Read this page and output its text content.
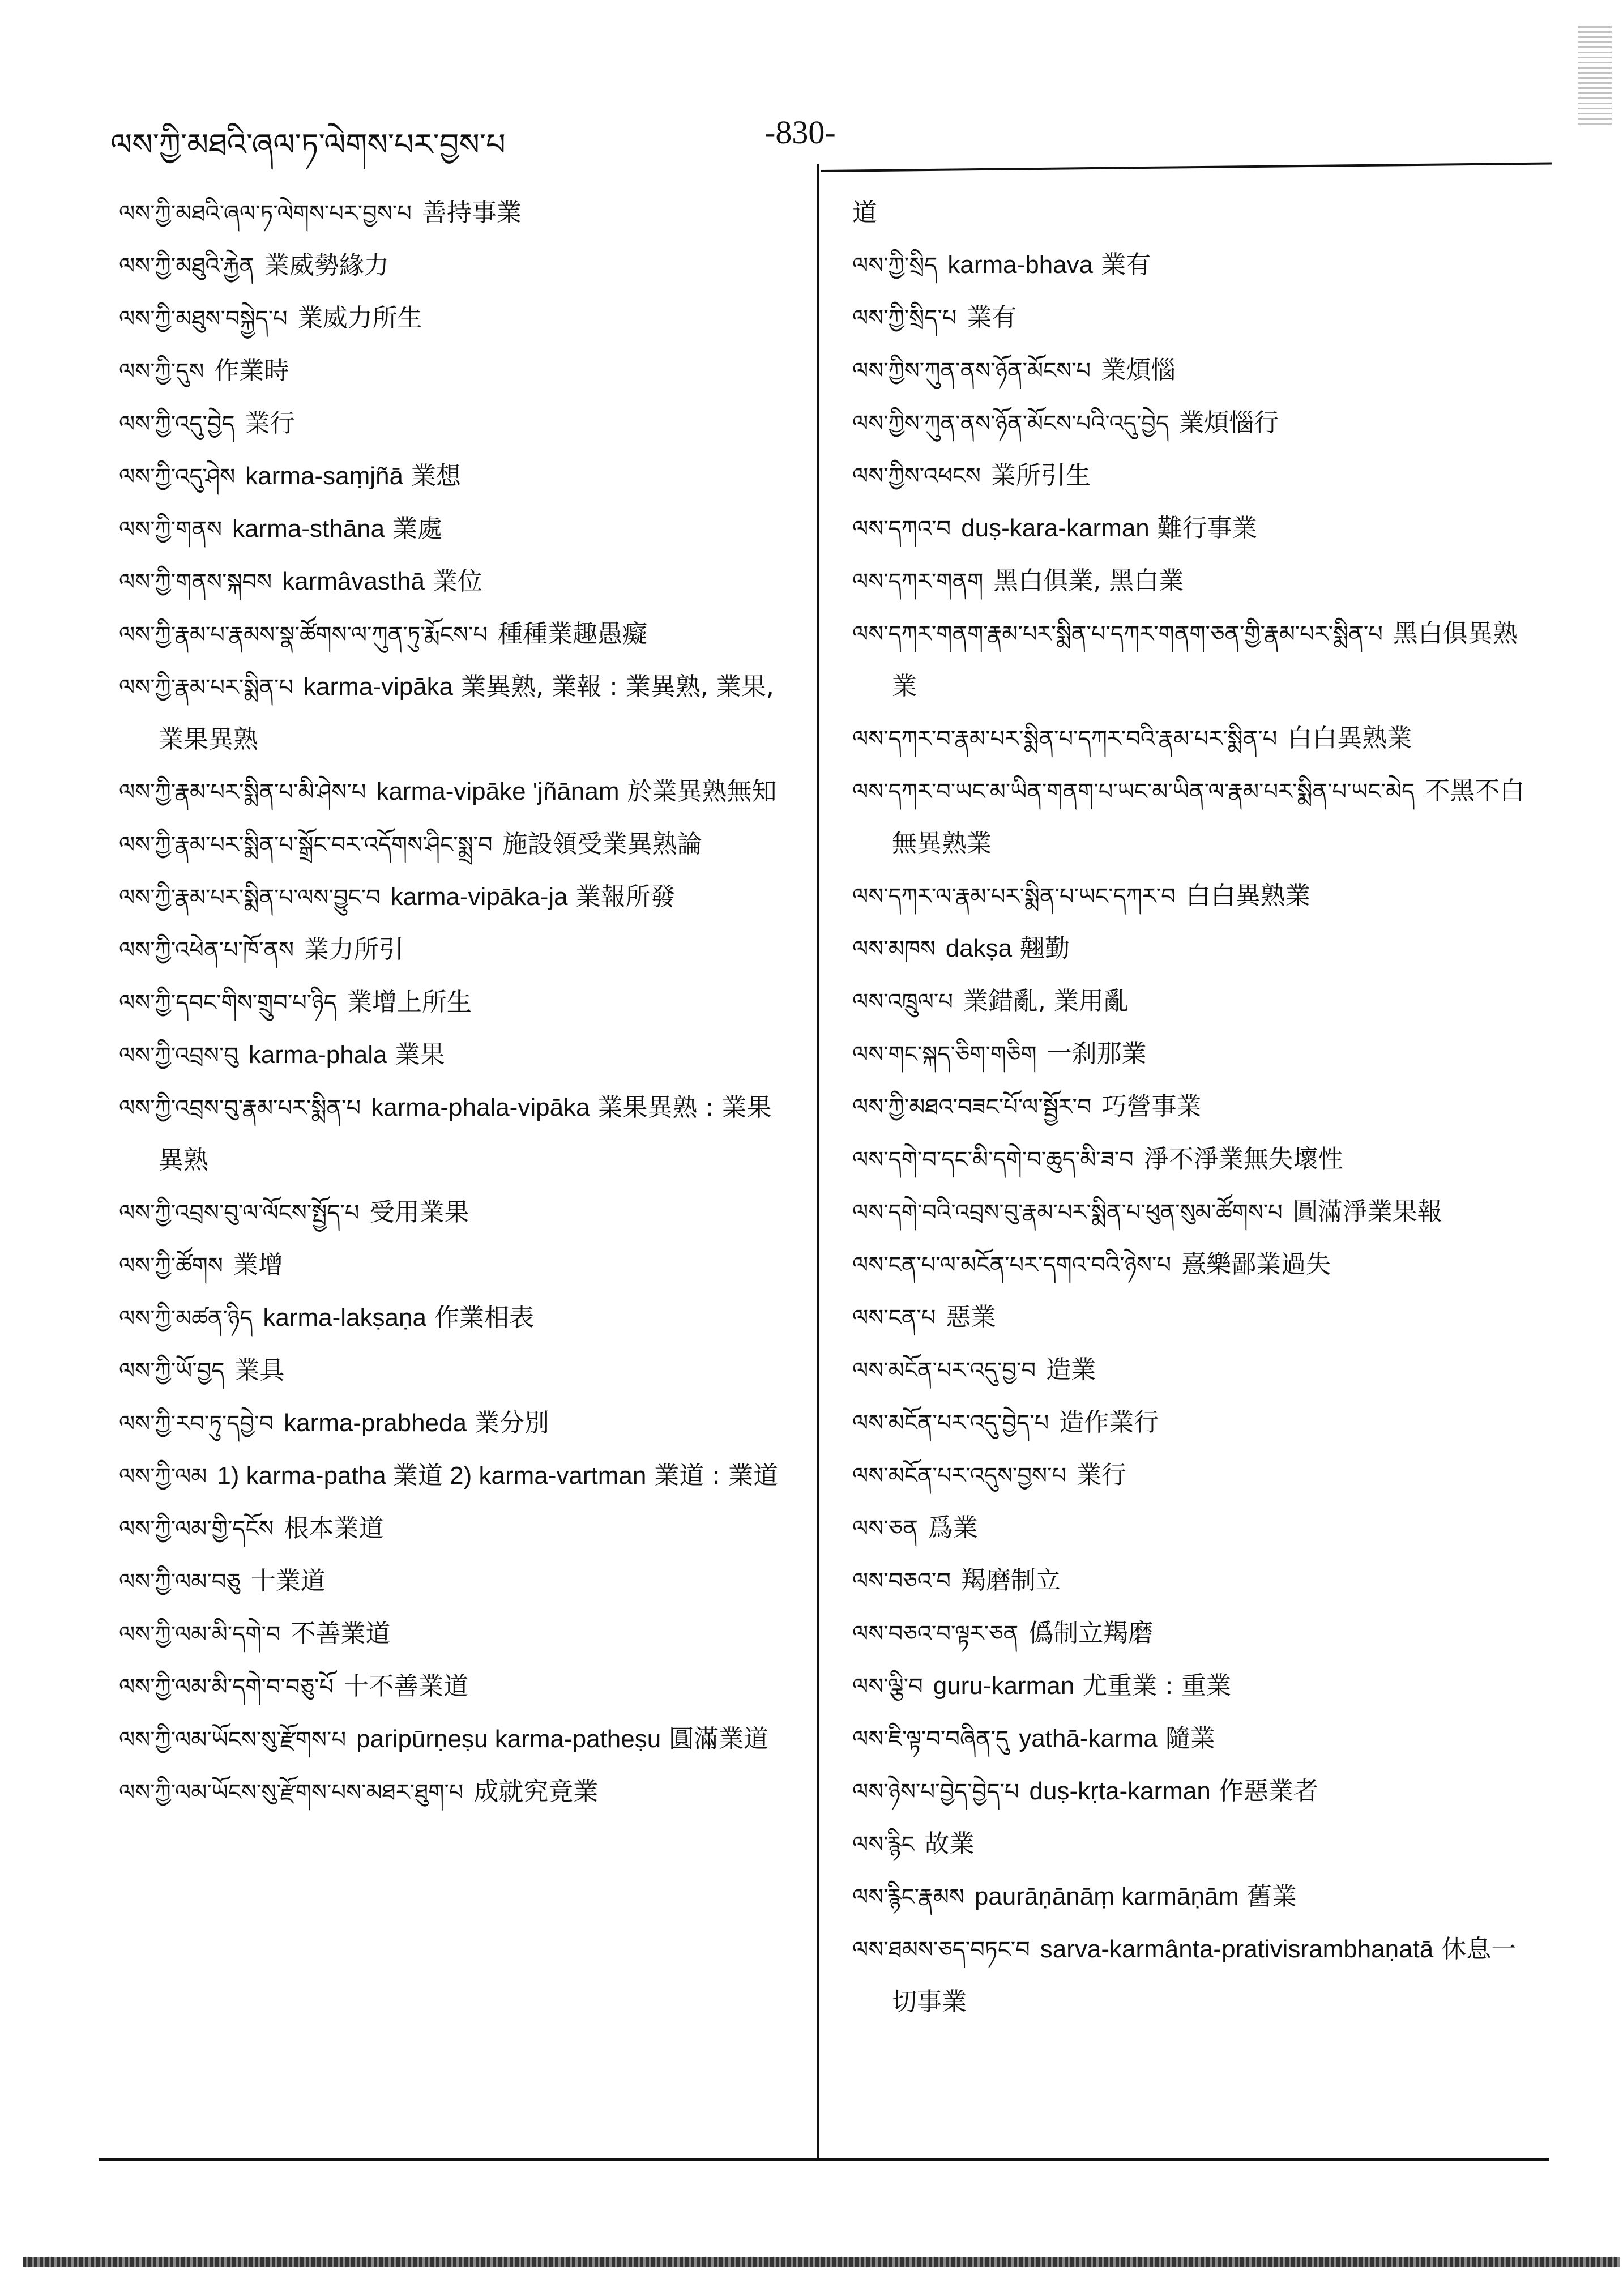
ལས་ཀྱི་མཐའི་ཞལ་ཏ་ལེགས་པར་བྱས་པ	-830-
ལས་ཀྱི་མཐའི་ཞལ་ཏ་ལེགས་པར་བྱས་པ 善持事業
ལས་ཀྱི་མཐུའི་རྐྱེན 業威勢緣力
ལས་ཀྱི་མཐུས་བསྐྱེད་པ 業威力所生
ལས་ཀྱི་དུས 作業時
ལས་ཀྱི་འདུ་བྱེད 業行
ལས་ཀྱི་འདུ་ཤེས karma-saṃjñā 業想
ལས་ཀྱི་གནས karma-sthāna 業處
ལས་ཀྱི་གནས་སྐབས karmâvasthā 業位
ལས་ཀྱི་རྣམ་པ་རྣམས་སྣ་ཚོགས་ལ་ཀུན་ཏུ་རྨོངས་པ 種種業趣愚癡
ལས་ཀྱི་རྣམ་པར་སྨིན་པ karma-vipāka 業異熟, 業報 : 業異熟, 業果, 業果異熟
ལས་ཀྱི་རྣམ་པར་སྨིན་པ་མི་ཤེས་པ karma-vipāke 'jñānam 於業異熟無知
ལས་ཀྱི་རྣམ་པར་སྨིན་པ་སྒྲོང་བར་འདོགས་ཤིང་སྨྲ་བ 施設領受業異熟論
ལས་ཀྱི་རྣམ་པར་སྨིན་པ་ལས་བྱུང་བ karma-vipāka-ja 業報所發
ལས་ཀྱི་འཕེན་པ་ཁོ་ནས 業力所引
ལས་ཀྱི་དབང་གིས་གྲུབ་པ་ཉིད 業增上所生
ལས་ཀྱི་འབྲས་བུ karma-phala 業果
ལས་ཀྱི་འབྲས་བུ་རྣམ་པར་སྨིན་པ karma-phala-vipāka 業果異熟 : 業果異熟
ལས་ཀྱི་འབྲས་བུ་ལ་ལོངས་སྤྱོད་པ 受用業果
ལས་ཀྱི་ཚོགས 業增
ལས་ཀྱི་མཚན་ཉིད karma-lakṣaṇa 作業相表
ལས་ཀྱི་ཡོ་བྱད 業具
ལས་ཀྱི་རབ་ཏུ་དབྱེ་བ karma-prabheda 業分別
ལས་ཀྱི་ལམ 1) karma-patha 業道 2) karma-vartman 業道 : 業道
ལས་ཀྱི་ལམ་གྱི་དངོས 根本業道
ལས་ཀྱི་ལམ་བཅུ 十業道
ལས་ཀྱི་ལམ་མི་དགེ་བ 不善業道
ལས་ཀྱི་ལམ་མི་དགེ་བ་བཅུ་པོ 十不善業道
ལས་ཀྱི་ལམ་ཡོངས་སུ་རྫོགས་པ paripūrṇeṣu karma-patheṣu 圓滿業道
ལས་ཀྱི་ལམ་ཡོངས་སུ་རྫོགས་པས་མཐར་ཐུག་པ 成就究竟業
道
ལས་ཀྱི་སྲིད karma-bhava 業有
ལས་ཀྱི་སྲིད་པ 業有
ལས་ཀྱིས་ཀུན་ནས་ཉོན་མོངས་པ 業煩惱
ལས་ཀྱིས་ཀུན་ནས་ཉོན་མོངས་པའི་འདུ་བྱེད 業煩惱行
ལས་ཀྱིས་འཕངས 業所引生
ལས་དཀའ་བ duṣ-kara-karman 難行事業
ལས་དཀར་གནག 黑白俱業, 黑白業
ལས་དཀར་གནག་རྣམ་པར་སྨིན་པ་དཀར་གནག་ཅན་གྱི་རྣམ་པར་སྨིན་པ 黑白俱異熟業
ལས་དཀར་བ་རྣམ་པར་སྨིན་པ་དཀར་བའི་རྣམ་པར་སྨིན་པ 白白異熟業
ལས་དཀར་བ་ཡང་མ་ཡིན་གནག་པ་ཡང་མ་ཡིན་ལ་རྣམ་པར་སྨིན་པ་ཡང་མེད 不黑不白無異熟業
ལས་དཀར་ལ་རྣམ་པར་སྨིན་པ་ཡང་དཀར་བ 白白異熟業
ལས་མཁས dakṣa 翹勤
ལས་འཁྲུལ་པ 業錯亂, 業用亂
ལས་གང་སྐད་ཅིག་གཅིག 一刹那業
ལས་ཀྱི་མཐའ་བཟང་པོ་ལ་སྦྱོར་བ 巧營事業
ལས་དགེ་བ་དང་མི་དགེ་བ་ཆུད་མི་ཟ་བ 淨不淨業無失壞性
ལས་དགེ་བའི་འབྲས་བུ་རྣམ་པར་སྨིན་པ་ཕུན་སུམ་ཚོགས་པ 圓滿淨業果報
ལས་ངན་པ་ལ་མངོན་པར་དགའ་བའི་ཉེས་པ 憙樂鄙業過失
ལས་ངན་པ 惡業
ལས་མངོན་པར་འདུ་བྱ་བ 造業
ལས་མངོན་པར་འདུ་བྱེད་པ 造作業行
ལས་མངོན་པར་འདུས་བྱས་པ 業行
ལས་ཅན 爲業
ལས་བཅའ་བ 羯磨制立
ལས་བཅའ་བ་ལྟར་ཅན 僞制立羯磨
ལས་ལྕི་བ guru-karman 尤重業 : 重業
ལས་ཇི་ལྟ་བ་བཞིན་དུ yathā-karma 隨業
ལས་ཉེས་པ་བྱེད་བྱེད་པ duṣ-kṛta-karman 作惡業者
ལས་རྙིང 故業
ལས་རྙིང་རྣམས paurāṇānāṃ karmāṇām 舊業
ལས་ཐམས་ཅད་བཏང་བ sarva-karmânta-prativisrambhaṇatā 休息一切事業
